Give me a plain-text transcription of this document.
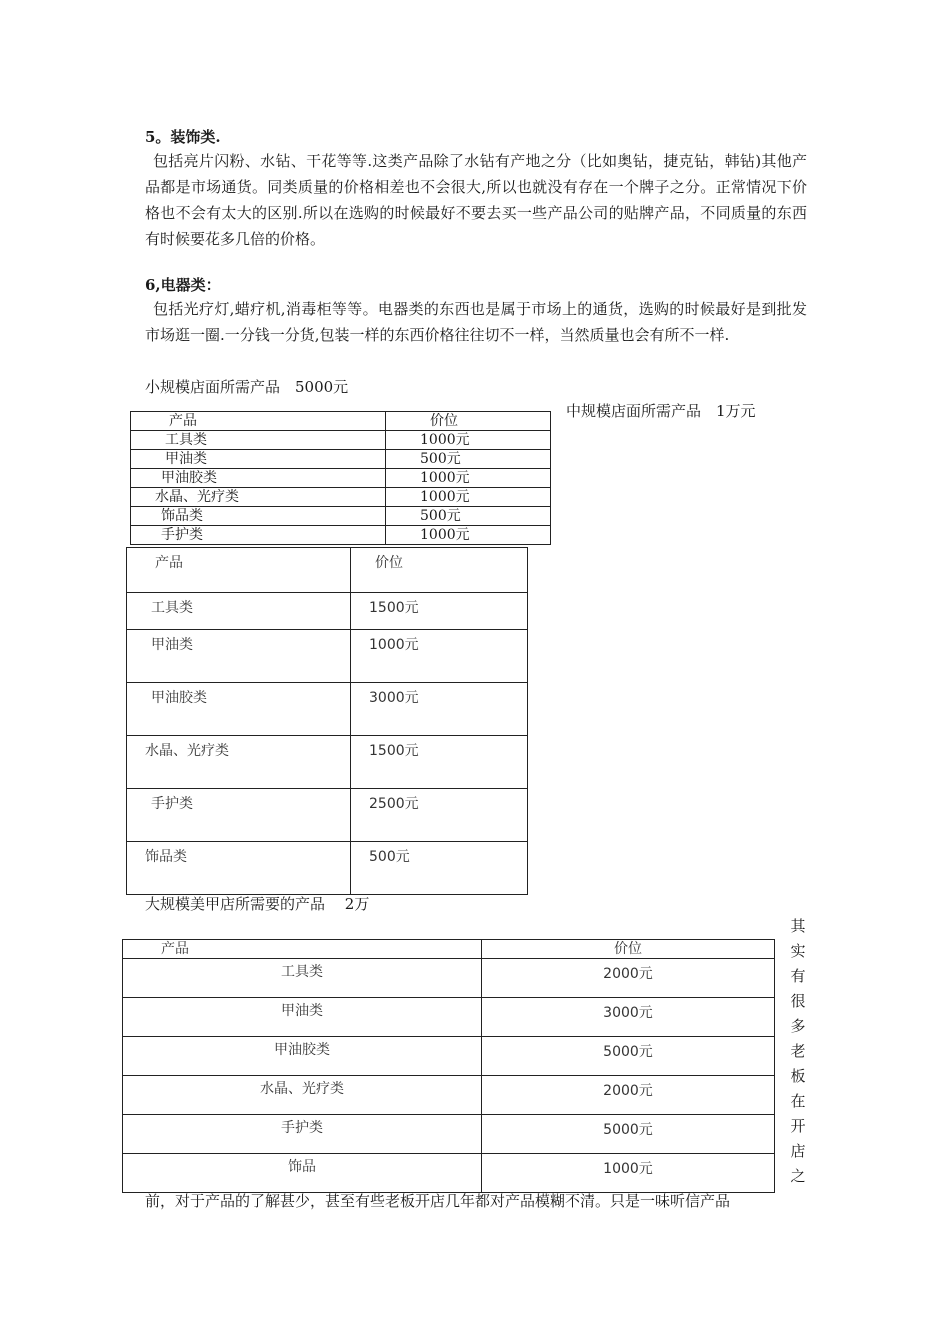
5。装饰类.
包括亮片闪粉、水钻、干花等等.这类产品除了水钻有产地之分（比如奥钻，捷克钻，韩钻)其他产品都是市场通货。同类质量的价格相差也不会很大,所以也就没有存在一个牌子之分。正常情况下价格也不会有太大的区别.所以在选购的时候最好不要去买一些产品公司的贴牌产品，不同质量的东西有时候要花多几倍的价格。
6,电器类：
包括光疗灯,蜡疗机,消毒柜等等。电器类的东西也是属于市场上的通货，选购的时候最好是到批发市场逛一圈.一分钱一分货,包装一样的东西价格往往切不一样，当然质量也会有所不一样.
小规模店面所需产品　5000元
中规模店面所需产品　1万元
产品	价位
工具类	1000元
甲油类	500元
甲油胶类	1000元
水晶、光疗类	1000元
饰品类	500元
手护类	1000元
产品	价位
工具类	1500元
甲油类	1000元
甲油胶类	3000元
水晶、光疗类	1500元
手护类	2500元
饰品类	500元
大规模美甲店所需要的产品　 2万
产品	价位
工具类	2000元
甲油类	3000元
甲油胶类	5000元
水晶、光疗类	2000元
手护类	5000元
饰品	1000元
其
实
有
很
多
老
板
在
开
店
之
前，对于产品的了解甚少，甚至有些老板开店几年都对产品模糊不清。只是一味听信产品
